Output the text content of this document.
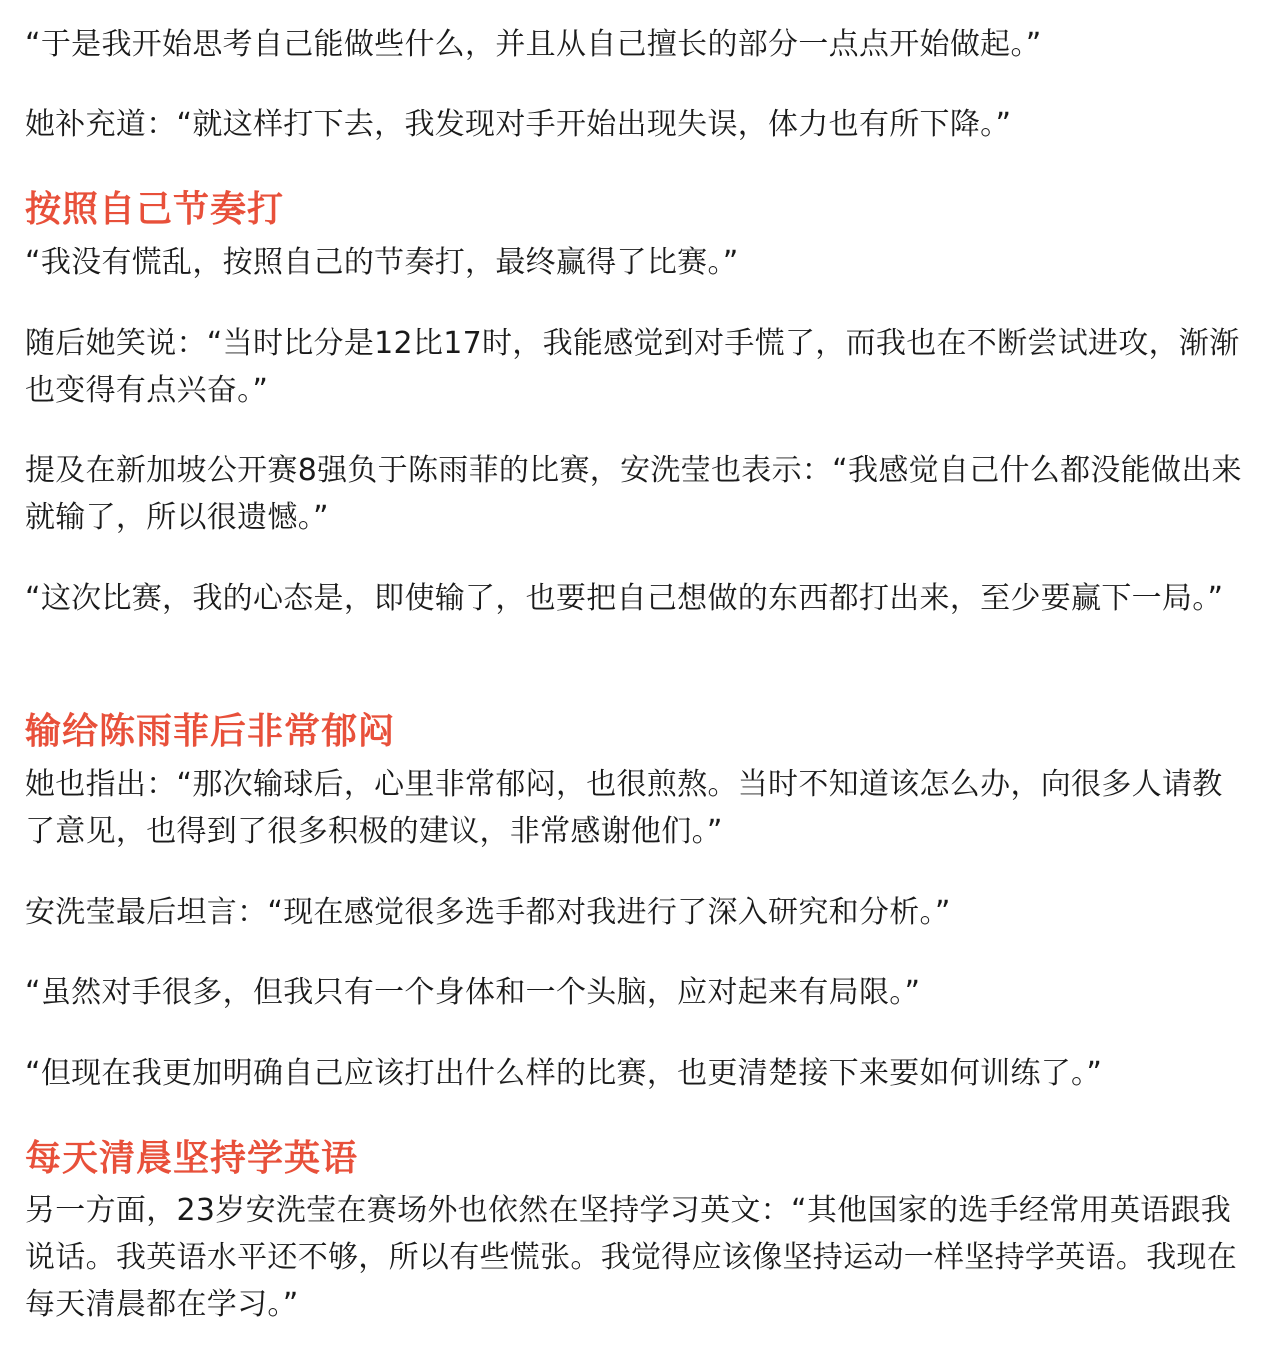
“于是我开始思考自己能做些什么，并且从自己擅长的部分一点点开始做起。”

她补充道：“就这样打下去，我发现对手开始出现失误，体力也有所下降。”

按照自己节奏打

“我没有慌乱，按照自己的节奏打，最终赢得了比赛。”

随后她笑说：“当时比分是12比17时，我能感觉到对手慌了，而我也在不断尝试进攻，渐渐也变得有点兴奋。”

提及在新加坡公开赛8强负于陈雨菲的比赛，安洗莹也表示：“我感觉自己什么都没能做出来就输了，所以很遗憾。”

“这次比赛，我的心态是，即使输了，也要把自己想做的东西都打出来，至少要赢下一局。”

输给陈雨菲后非常郁闷

她也指出：“那次输球后，心里非常郁闷，也很煎熬。当时不知道该怎么办，向很多人请教了意见，也得到了很多积极的建议，非常感谢他们。”

安洗莹最后坦言：“现在感觉很多选手都对我进行了深入研究和分析。”

“虽然对手很多，但我只有一个身体和一个头脑，应对起来有局限。”

“但现在我更加明确自己应该打出什么样的比赛，也更清楚接下来要如何训练了。”

每天清晨坚持学英语

另一方面，23岁安洗莹在赛场外也依然在坚持学习英文：“其他国家的选手经常用英语跟我说话。我英语水平还不够，所以有些慌张。我觉得应该像坚持运动一样坚持学英语。我现在每天清晨都在学习。”
